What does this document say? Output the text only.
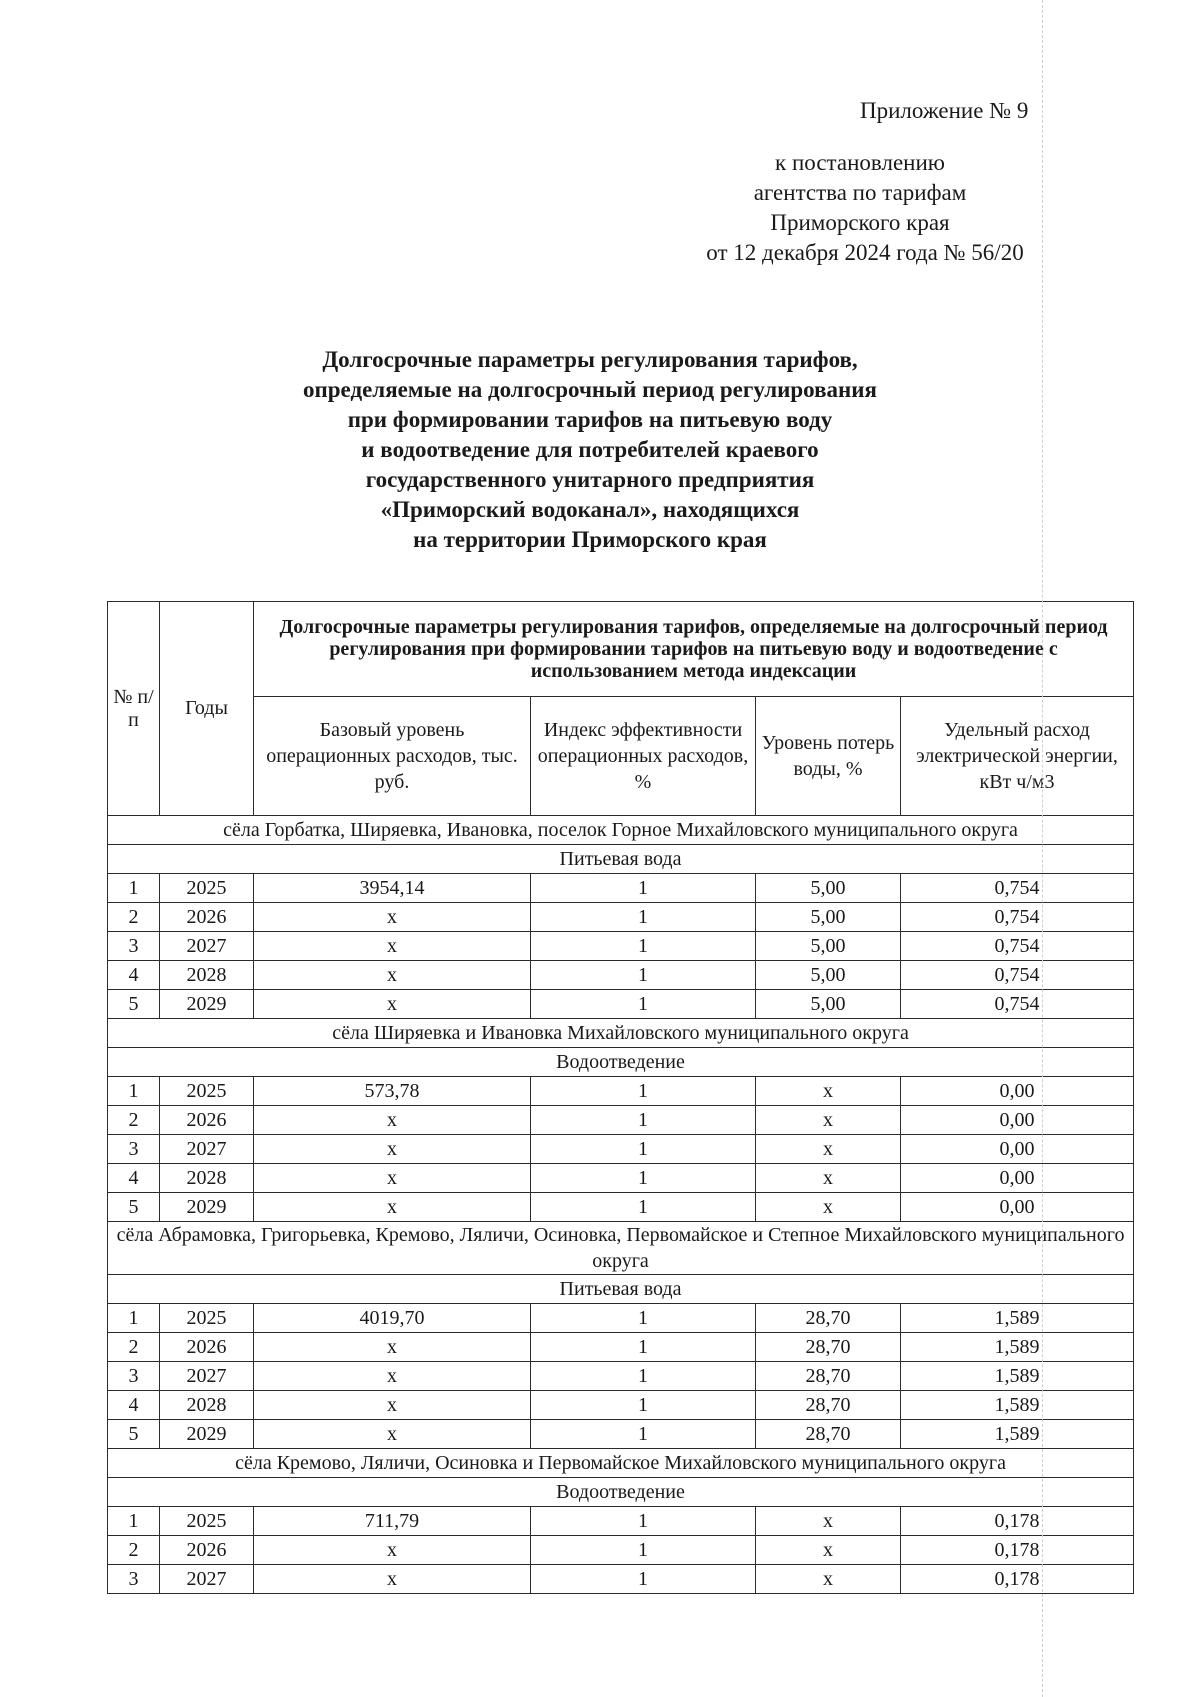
Приложение № 9
к постановлению
агентства по тарифам
Приморского края
от 12 декабря 2024 года № 56/20
Долгосрочные параметры регулирования тарифов,
определяемые на долгосрочный период регулирования
при формировании тарифов на питьевую воду
и водоотведение для потребителей краевого
государственного унитарного предприятия
«Приморский водоканал», находящихся
на территории Приморского края
№ п/п	Годы	Долгосрочные параметры регулирования тарифов, определяемые на долгосрочный период регулирования при формировании тарифов на питьевую воду и водоотведение с использованием метода индексации			
		Базовый уровень операционных расходов, тыс. руб.	Индекс эффективности операционных расходов, %	Уровень потерь воды, %	Удельный расход электрической энергии, кВт ч/м3
сёла Горбатка, Ширяевка, Ивановка, поселок Горное Михайловского муниципального округа					
Питьевая вода					
1	2025	3954,14	1	5,00	0,754
2	2026	х	1	5,00	0,754
3	2027	х	1	5,00	0,754
4	2028	х	1	5,00	0,754
5	2029	х	1	5,00	0,754
сёла Ширяевка и Ивановка Михайловского муниципального округа					
Водоотведение					
1	2025	573,78	1	х	0,00
2	2026	х	1	х	0,00
3	2027	х	1	х	0,00
4	2028	х	1	х	0,00
5	2029	х	1	х	0,00
сёла Абрамовка, Григорьевка, Кремово, Ляличи, Осиновка, Первомайское и Степное Михайловского муниципального округа					
Питьевая вода					
1	2025	4019,70	1	28,70	1,589
2	2026	х	1	28,70	1,589
3	2027	х	1	28,70	1,589
4	2028	х	1	28,70	1,589
5	2029	х	1	28,70	1,589
сёла Кремово, Ляличи, Осиновка и Первомайское Михайловского муниципального округа					
Водоотведение					
1	2025	711,79	1	х	0,178
2	2026	х	1	х	0,178
3	2027	х	1	х	0,178
